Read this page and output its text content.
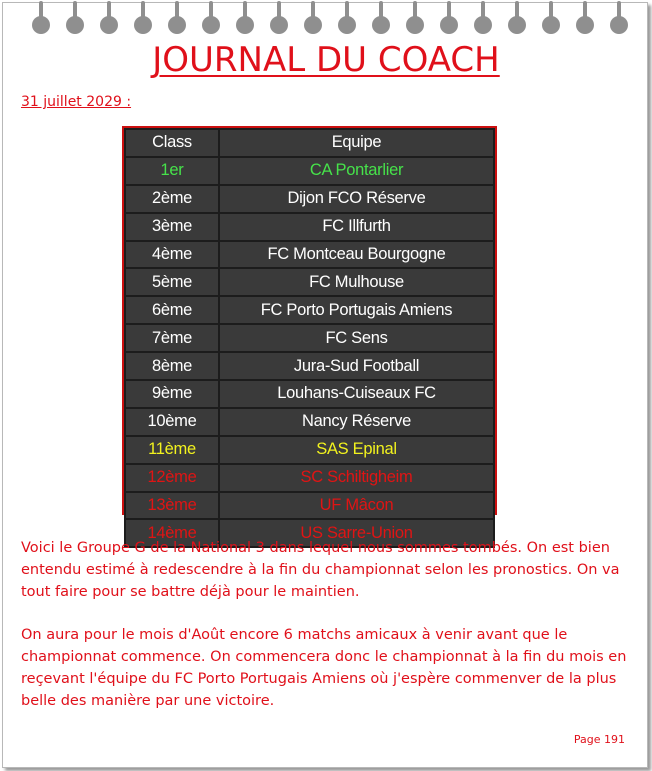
JOURNAL DU COACH
31 juillet 2029 :
Class	Equipe
1er	CA Pontarlier
2ème	Dijon FCO Réserve
3ème	FC Illfurth
4ème	FC Montceau Bourgogne
5ème	FC Mulhouse
6ème	FC Porto Portugais Amiens
7ème	FC Sens
8ème	Jura-Sud Football
9ème	Louhans-Cuiseaux FC
10ème	Nancy Réserve
11ème	SAS Epinal
12ème	SC Schiltigheim
13ème	UF Mâcon
14ème	US Sarre-Union
Voici le Groupe G de la National 3 dans lequel nous sommes tombés. On est bien entendu estimé à redescendre à la fin du championnat selon les pronostics. On va tout faire pour se battre déjà pour le maintien.
On aura pour le mois d'Août encore 6 matchs amicaux à venir avant que le championnat commence. On commencera donc le championnat à la fin du mois en reçevant l'équipe du FC Porto Portugais Amiens où j'espère commenver de la plus belle des manière par une victoire.
Page 191
